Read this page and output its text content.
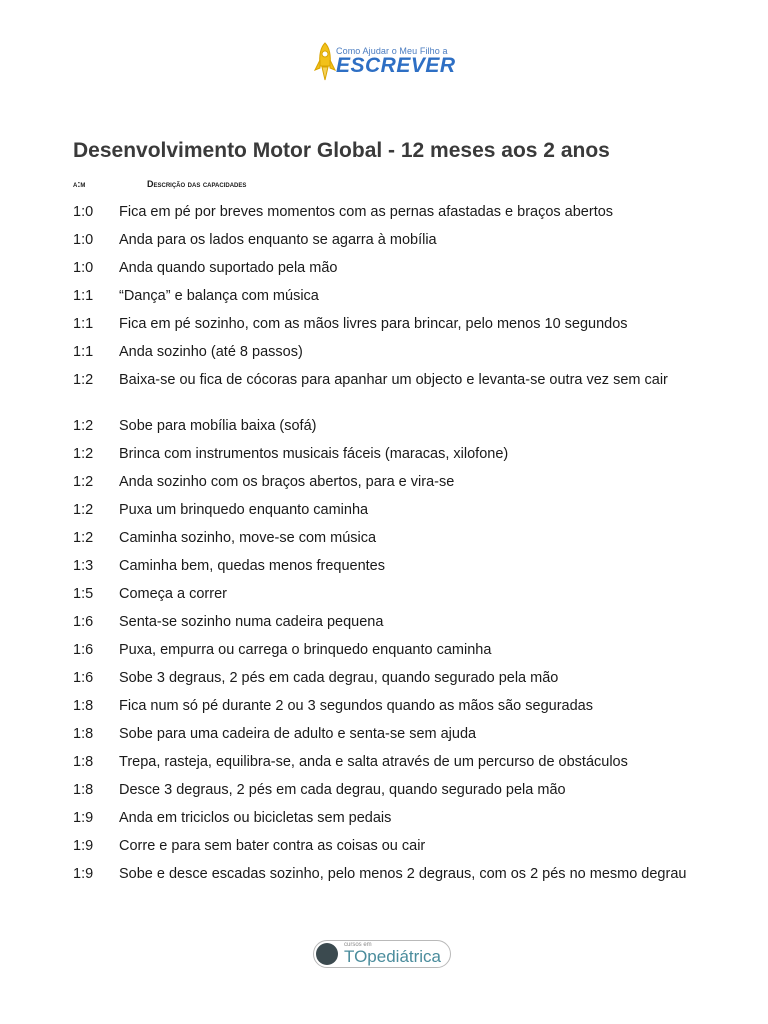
Como Ajudar o Meu Filho a
ESCREVER
Desenvolvimento Motor Global - 12 meses aos 2 anos
a:m	Descrição das capacidades
1:0	Fica em pé por breves momentos com as pernas afastadas e braços abertos
1:0	Anda para os lados enquanto se agarra à mobília
1:0	Anda quando suportado pela mão
1:1	“Dança” e balança com música
1:1	Fica em pé sozinho, com as mãos livres para brincar, pelo menos 10 segundos
1:1	Anda sozinho (até 8 passos)
1:2	Baixa-se ou fica de cócoras para apanhar um objecto e levanta-se outra vez sem cair
1:2	Sobe para mobília baixa (sofá)
1:2	Brinca com instrumentos musicais fáceis (maracas, xilofone)
1:2	Anda sozinho com os braços abertos, para e vira-se
1:2	Puxa um brinquedo enquanto caminha
1:2	Caminha sozinho, move-se com música
1:3	Caminha bem, quedas menos frequentes
1:5	Começa a correr
1:6	Senta-se sozinho numa cadeira pequena
1:6	Puxa, empurra ou carrega o brinquedo enquanto caminha
1:6	Sobe 3 degraus, 2 pés em cada degrau, quando segurado pela mão
1:8	Fica num só pé durante 2 ou 3 segundos quando as mãos são seguradas
1:8	Sobe para uma cadeira de adulto e senta-se sem ajuda
1:8	Trepa, rasteja, equilibra-se, anda e salta através de um percurso de obstáculos
1:8	Desce 3 degraus, 2 pés em cada degrau, quando segurado pela mão
1:9	Anda em triciclos ou bicicletas sem pedais
1:9	Corre e para sem bater contra as coisas ou cair
1:9	Sobe e desce escadas sozinho, pelo menos 2 degraus, com os 2 pés no mesmo degrau
cursos em
TOpediátrica
